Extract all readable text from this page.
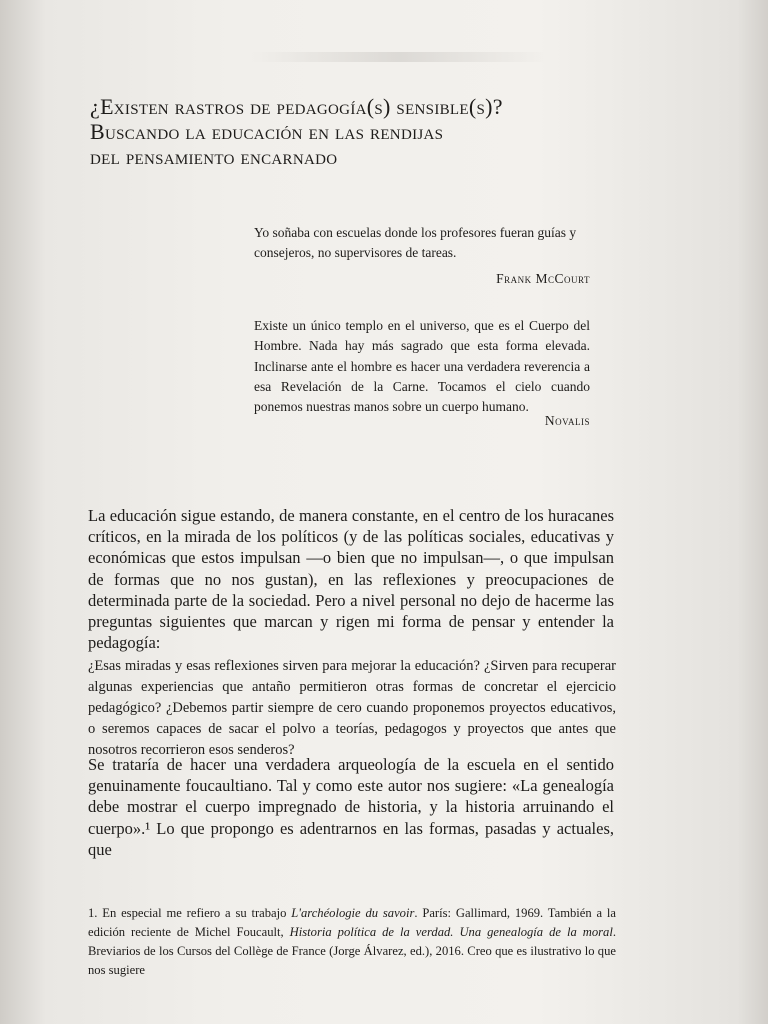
¿Existen rastros de pedagogía(s) sensible(s)?
Buscando la educación en las rendijas
del pensamiento encarnado
Yo soñaba con escuelas donde los profesores fueran guías y consejeros, no supervisores de tareas.
Frank McCourt
Existe un único templo en el universo, que es el Cuerpo del Hombre. Nada hay más sagrado que esta forma elevada. Inclinarse ante el hombre es hacer una verdadera reverencia a esa Revelación de la Carne. Tocamos el cielo cuando ponemos nuestras manos sobre un cuerpo humano.
Novalis
La educación sigue estando, de manera constante, en el centro de los huracanes críticos, en la mirada de los políticos (y de las políticas sociales, educativas y económicas que estos impulsan —o bien que no impulsan—, o que impulsan de formas que no nos gustan), en las reflexiones y preocupaciones de determinada parte de la sociedad. Pero a nivel personal no dejo de hacerme las preguntas siguientes que marcan y rigen mi forma de pensar y entender la pedagogía:
¿Esas miradas y esas reflexiones sirven para mejorar la educación? ¿Sirven para recuperar algunas experiencias que antaño permitieron otras formas de concretar el ejercicio pedagógico? ¿Debemos partir siempre de cero cuando proponemos proyectos educativos, o seremos capaces de sacar el polvo a teorías, pedagogos y proyectos que antes que nosotros recorrieron esos senderos?
Se trataría de hacer una verdadera arqueología de la escuela en el sentido genuinamente foucaultiano. Tal y como este autor nos sugiere: «La genealogía debe mostrar el cuerpo impregnado de historia, y la historia arruinando el cuerpo».¹ Lo que propongo es adentrarnos en las formas, pasadas y actuales, que
1. En especial me refiero a su trabajo L'archéologie du savoir. París: Gallimard, 1969. También a la edición reciente de Michel Foucault, Historia política de la verdad. Una genealogía de la moral. Breviarios de los Cursos del Collège de France (Jorge Álvarez, ed.), 2016. Creo que es ilustrativo lo que nos sugiere
